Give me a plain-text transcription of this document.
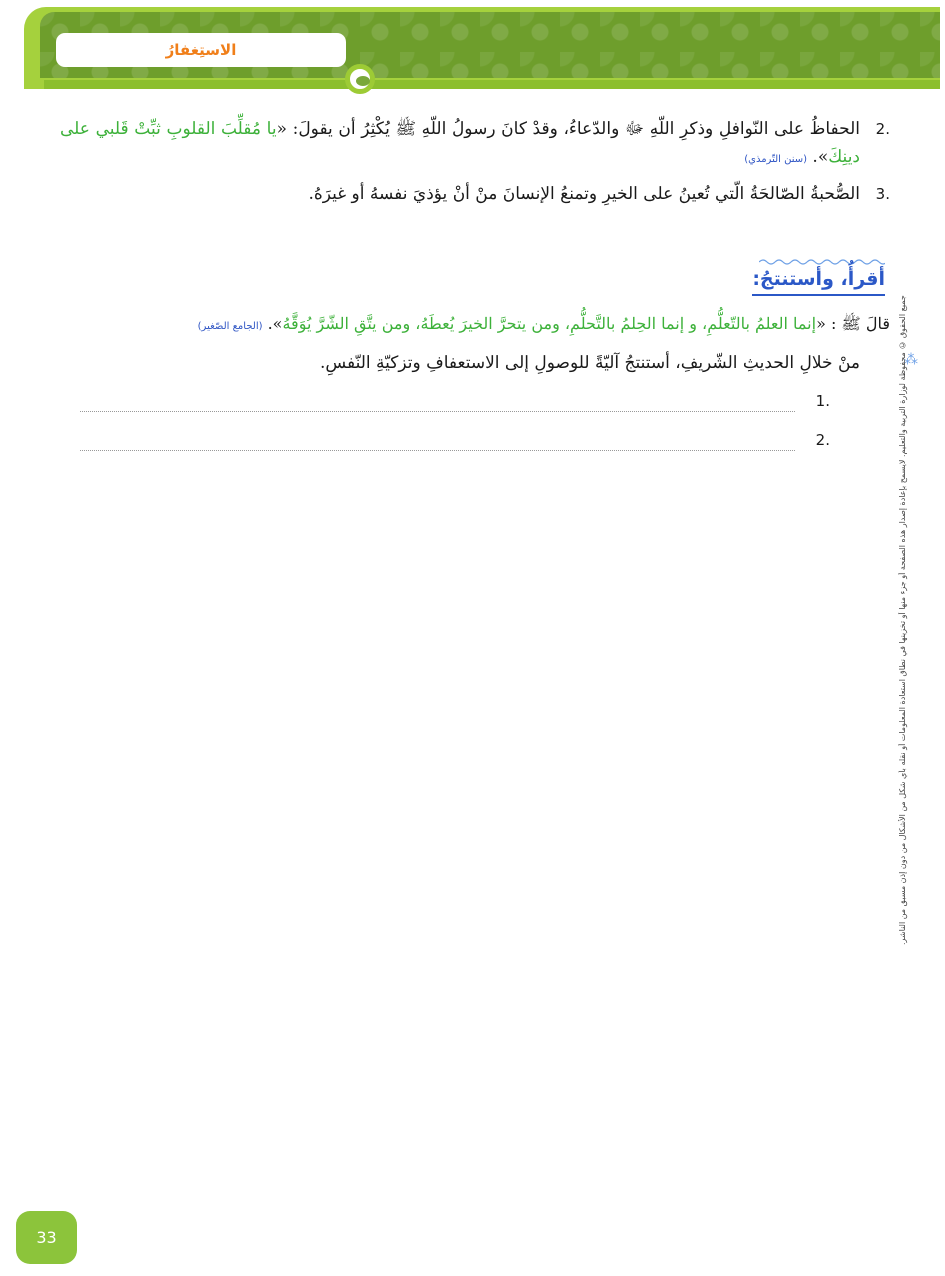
الاستِغفارُ
.2
الحفاظُ على النّوافلِ وذكرِ اللّهِ ﷻ والدّعاءُ، وقدْ كانَ رسولُ اللّهِ ﷺ يُكْثِرُ أن يقولَ: «يا مُقلِّبَ القلوبِ ثبِّتْ قَلبي على دينِكَ». (سنن التّرمذي)
.3
الصُّحبةُ الصّالحَةُ الّتي تُعينُ على الخيرِ وتمنعُ الإنسانَ منْ أنْ يؤذيَ نفسهُ أو غيرَهُ.
أقرأُ، وأستنتجُ:
قالَ ﷺ : «إنما العلمُ بالتّعلُّمِ، و إنما الحِلمُ بالتَّحلُّمِ، ومن يتحرَّ الخيرَ يُعطَهُ، ومن يتَّقِ الشّرَّ يُوَقَّهُ». (الجامع الصّغير)
⁂
منْ خلالِ الحديثِ الشّريفِ، أستنتجُ آليّةً للوصولِ إلى الاستعفافِ وتزكيّةِ النّفسِ.
.1
.2	جميع الحقوق © محفوظة لوزارة التربية والتعليم. لايسمح بإعادة إصدار هذه الصفحة أو جزء منها أو تخزينها في نطاق استعادة المعلومات أو نقله بأي شكل من الأشكال من دون إذن مسبق من الناشر.
33
